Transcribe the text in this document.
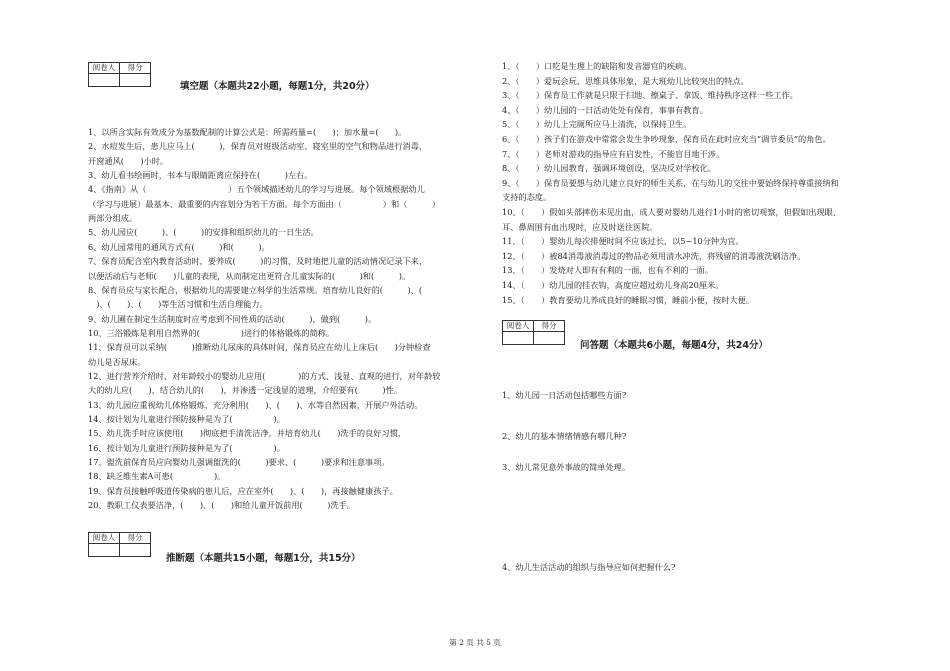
阅卷人	得分

填空题（本题共22小题，每题1分，共20分）
1、以所含实际有效成分为基数配制的计算公式是：所需药量=(　　)；加水量=(　　)。
2、水痘发生后，患儿应马上(　　　)，保育员对班级活动室、寝室里的空气和物品进行消毒，
开窗通风(　　)小时。
3、幼儿看书绘画时，书本与眼睛距离应保持在(　　　)左右。
4、《指南》从（　　　　　　　　　　）五个领域描述幼儿的学习与进展。每个领域根据幼儿
（学习与进展）最基本、最重要的内容划分为若干方面。每个方面由（　　　　　）和（　　　）
两部分组成。
5、幼儿园应(　　　)、(　　　)的安排和组织幼儿的一日生活。
6、幼儿园常用的通风方式有(　　　)和(　　　)。
7、保育员配合室内教育活动时，要养成(　　　)的习惯，及时地把儿童的活动情况记录下来，
以便活动后与老师(　　)儿童的表现，从而制定出更符合儿童实际的(　　　)和(　　　)。
8、保育员应与家长配合，根据幼儿的需要建立科学的生活常规。培育幼儿良好的(　　　)、(　
　)、(　　)、(　　)等生活习惯和生活自理能力。
9、幼儿圃在制定生活制度时应考虑到不同性质的活动(　　　)，做到(　　　)。
10、三浴锻炼是利用自然界的(　　　　　)进行的体格锻炼的简称。
11、保育员可以采纳(　　　)推断幼儿尿床的具体时间，保育员应在幼儿上床后(　　)分钟检查
幼儿是否尿床。
12、进行营养介绍时，对年龄较小的婴幼儿应用(　　　　)的方式、浅显、直观的进行，对年龄较
大的幼儿应(　　)，结合幼儿的(　　)，并渗透一定浅显的道理，介绍要有(　　　)性。
13、幼儿园应重视幼儿体格锻炼，充分利用(　　)、(　　)、水等自然因素，开展户外活动。
14、按计划为儿童进行预防接种是为了(　　　　　)。
15、幼儿洗手时应该使用(　　)彻底把手清洗洁净，并培育幼儿(　　)洗手的良好习惯，
16、按计划为儿童进行预防接种是为了(　　　　　)。
17、盥洗前保育员应向婴幼儿强调盥洗的(　　　)要求、(　　　)要求和注意事项。
18、缺乏维生素A可患(　　　　　)。
19、保育员接触呼吸道传染病的患儿后，应在室外(　　)、(　　)，再接触健康孩子。
20、教职工仪表要洁净，(　　)、(　　)和给儿童开饭前用(　　　)洗手。
阅卷人	得分

推断题（本题共15小题，每题1分，共15分）
1、（　　）口吃是生理上的缺陷和发音器官的疾病。
2、（　　）爱玩会玩、思维具体形象，是大班幼儿比较突出的特点。
3、（　　）保育员工作就是只限于扫地、擦桌子、拿饭、维持秩序这样一些工作。
4、（　　）幼儿园的一日活动处处有保育，事事有教育。
5、（　　）幼儿上完厕所应马上清洗，以保持卫生。
6、（　　）孩子们在游戏中常常会发生争吵现象，保育员在此时应充当“调节委员”的角色。
7、（　　）老师对游戏的指导应有启发性，不能盲目地干涉。
8、（　　）幼儿园教育，强调环境创设，坚决反对学校化。
9、（　　）保育员要想与幼儿建立良好的师生关系，在与幼儿的交往中要始终保持尊重接纳和
支持的态度。
10、（　　）假如头部摔伤未见出血，成人要对婴幼儿进行1小时的密切观察，但假如出现眼、
耳、鼻周围有血出现时，应及时送往医院。
11、（　　）婴幼儿每次排便时间不应该过长，以5~10分钟为宜。
12、（　　）被84消毒液消毒过的物品必须用清水冲洗，将残留的消毒液洗刷洁净。
13、（　　）发烧对人即有有利的一面，也有不利的一面。
14、（　　）幼儿园的挂衣钩，高度应超过幼儿身高20厘米。
15、（　　）教育要幼儿养成良好的睡眠习惯，睡前小便，按时大便。
阅卷人	得分

问答题（本题共6小题，每题4分，共24分）
1、幼儿园一日活动包括哪些方面?
2、幼儿的基本情绪情感有哪几种?
3、幼儿常见意外事故的简单处理。
4、幼儿生活活动的组织与指导应如何把握什么?
第 2 页 共 5 页
